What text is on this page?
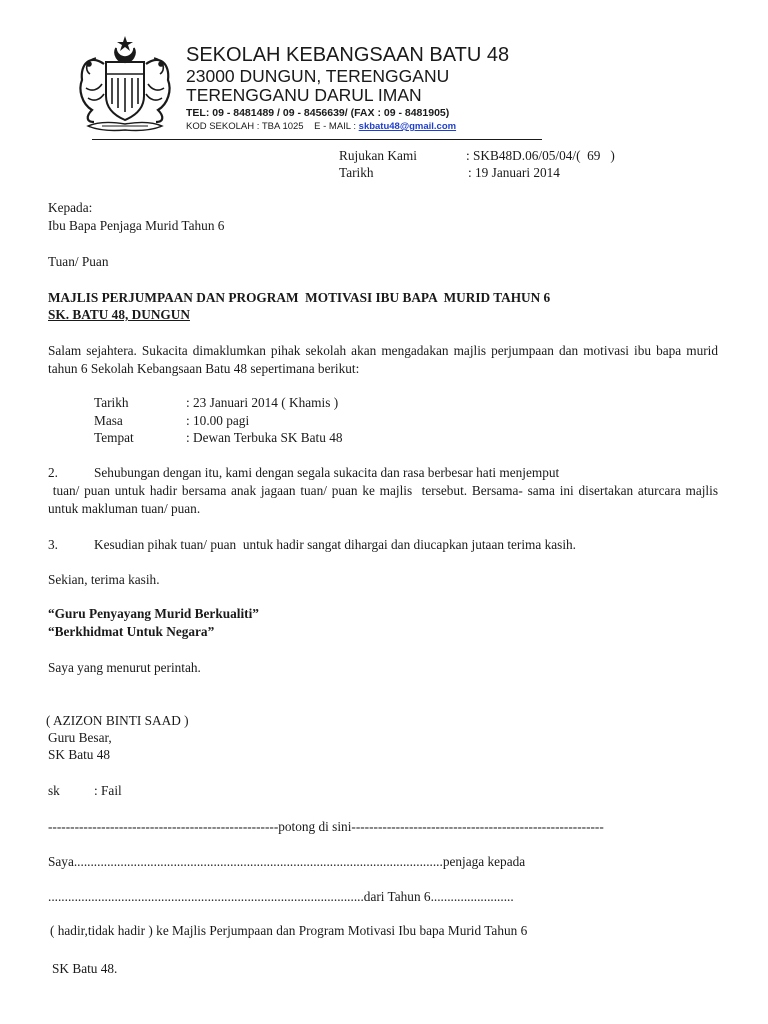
SEKOLAH KEBANGSAAN BATU 48
23000 DUNGUN, TERENGGANU
TERENGGANU DARUL IMAN
TEL: 09 - 8481489 / 09 - 8456639/ (FAX : 09 - 8481905)
KOD SEKOLAH : TBA 1025    E - MAIL : skbatu48@gmail.com
Rujukan Kami	: SKB48D.06/05/04/(  69   )
Tarikh	: 19 Januari 2014
Kepada:
Ibu Bapa Penjaga Murid Tahun 6
Tuan/ Puan
MAJLIS PERJUMPAAN DAN PROGRAM  MOTIVASI IBU BAPA  MURID TAHUN 6
SK. BATU 48, DUNGUN
Salam sejahtera. Sukacita dimaklumkan pihak sekolah akan mengadakan majlis perjumpaan dan motivasi ibu bapa murid tahun 6 Sekolah Kebangsaan Batu 48 sepertimana berikut:
Tarikh	: 23 Januari 2014 ( Khamis )
Masa	: 10.00 pagi
Tempat	: Dewan Terbuka SK Batu 48
2.	Sehubungan dengan itu, kami dengan segala sukacita dan rasa berbesar hati menjemput
tuan/ puan untuk hadir bersama anak jagaan tuan/ puan ke majlis  tersebut. Bersama- sama ini disertakan aturcara majlis untuk makluman tuan/ puan.
3.	Kesudian pihak tuan/ puan  untuk hadir sangat dihargai dan diucapkan jutaan terima kasih.
Sekian, terima kasih.
“Guru Penyayang Murid Berkualiti”
“Berkhidmat Untuk Negara”
Saya yang menurut perintah.
( AZIZON BINTI SAAD )
Guru Besar,
SK Batu 48
sk	: Fail
----------------------------------------------------potong di sini---------------------------------------------------------
Saya...............................................................................................................penjaga kepada
...............................................................................................dari Tahun 6.........................
( hadir,tidak hadir ) ke Majlis Perjumpaan dan Program Motivasi Ibu bapa Murid Tahun 6
SK Batu 48.
